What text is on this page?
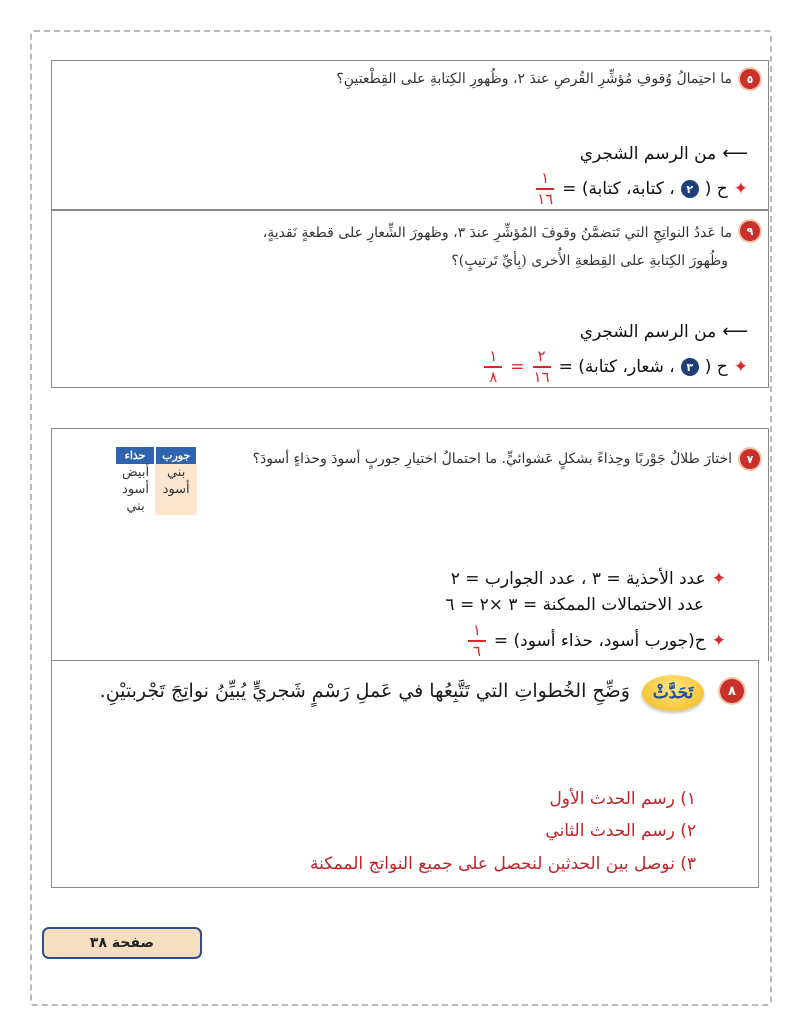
٥
ما احتِمالُ وُقوفِ مُؤشِّرِ القُرصِ عندَ ٢، وظُهورِ الكِتابةِ على القِطْعتينِ؟
⟵
من الرسم الشجري
✦
ح (
٢
، كتابة، كتابة) =
$\frac{١}{١٦}$
٩
ما عَددُ النواتِجِ التي تَتضمَّنُ وقوفَ المُؤشِّرِ عندَ ٣، وظهورَ الشِّعارِ على قطعةٍ نَقديةٍ،
وظُهورَ الكِتابةِ على القِطعةِ الأُخرى (بِأيِّ تَرتيبٍ)؟
⟵
من الرسم الشجري
✦
ح (
٣
، شعار، كتابة) =
$\frac{٢}{١٦}$
=
$\frac{١}{٨}$
٧
اختارَ طلالٌ جَوْربًا وحِذاءً بشكلٍ عَشوائيٍّ. ما احتمالُ اختيارِ جوربٍ أسودَ وحذاءٍ أسودَ؟
جورب	حذاء
بني	أبيض
أسود	أسود
	بني
✦
عدد الأحذية = ٣ ، عدد الجوارب = ٢
عدد الاحتمالات الممكنة = ٣ ×٢ = ٦
✦
ح(جورب أسود، حذاء أسود) =
$\frac{١}{٦}$
٨
تَحَدَّثْ
وَضِّحِ الخُطواتِ التي تَتَّبِعُها في عَملِ رَسْمٍ شَجريٍّ يُبيِّنُ نواتِجَ تَجْربتيْنِ.
١) رسم الحدث الأول
٢) رسم الحدث الثاني
٣) نوصل بين الحدثين لنحصل على جميع النواتج الممكنة
صفحة ٣٨
